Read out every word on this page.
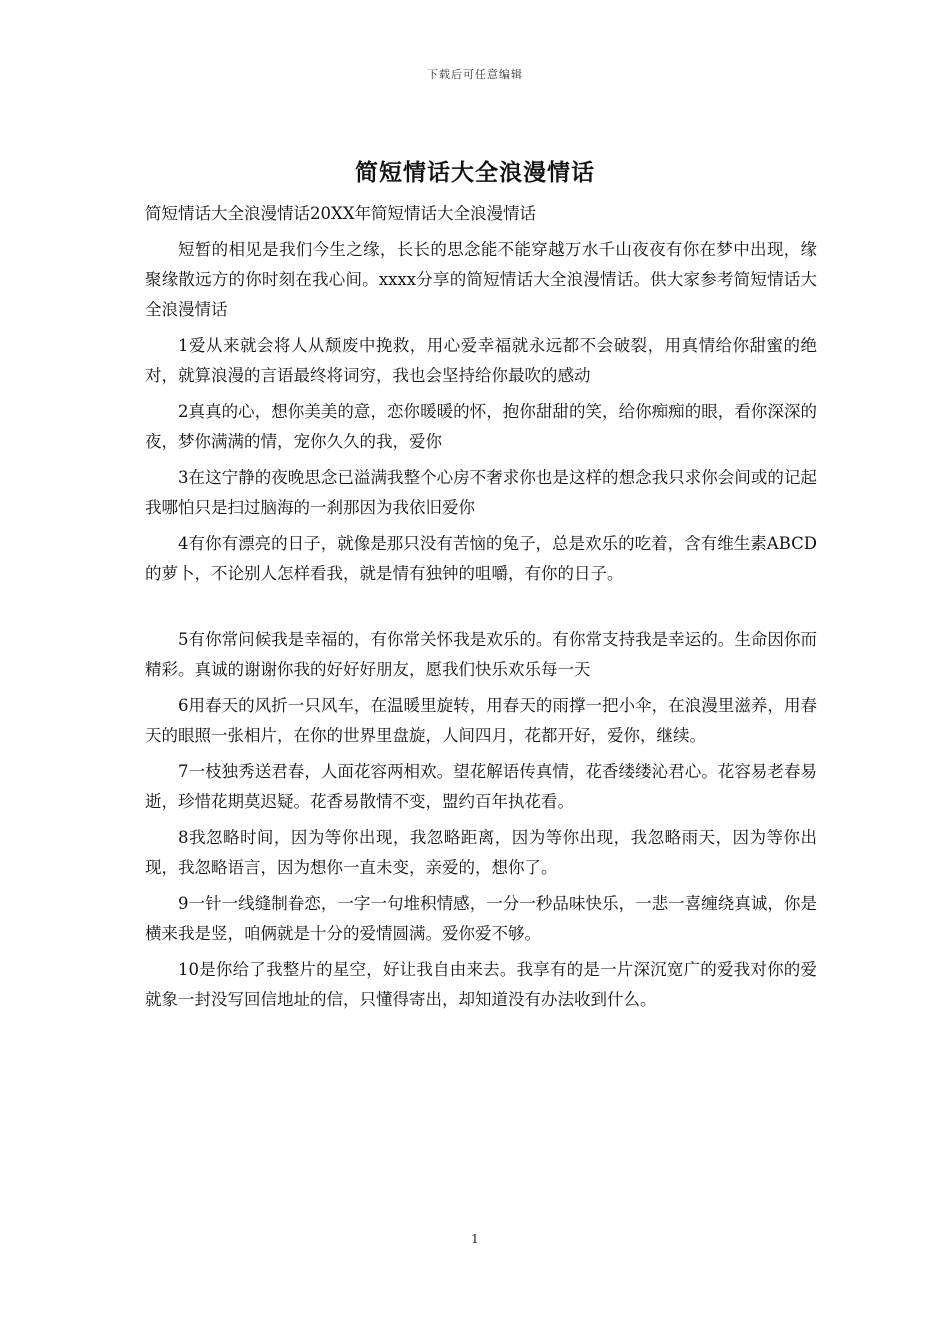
下载后可任意编辑
简短情话大全浪漫情话

简短情话大全浪漫情话20XX年简短情话大全浪漫情话

短暂的相见是我们今生之缘，长长的思念能不能穿越万水千山夜夜有你在梦中出现，缘聚缘散远方的你时刻在我心间。xxxx分享的简短情话大全浪漫情话。供大家参考简短情话大全浪漫情话

1爱从来就会将人从颓废中挽救，用心爱幸福就永远都不会破裂，用真情给你甜蜜的绝对，就算浪漫的言语最终将词穷，我也会坚持给你最吹的感动

2真真的心，想你美美的意，恋你暖暖的怀，抱你甜甜的笑，给你痴痴的眼，看你深深的夜，梦你满满的情，宠你久久的我，爱你

3在这宁静的夜晚思念已溢满我整个心房不奢求你也是这样的想念我只求你会间或的记起我哪怕只是扫过脑海的一刹那因为我依旧爱你

4有你有漂亮的日子，就像是那只没有苦恼的兔子，总是欢乐的吃着，含有维生素ABCD的萝卜，不论别人怎样看我，就是情有独钟的咀嚼，有你的日子。

5有你常问候我是幸福的，有你常关怀我是欢乐的。有你常支持我是幸运的。生命因你而精彩。真诚的谢谢你我的好好好朋友，愿我们快乐欢乐每一天

6用春天的风折一只风车，在温暖里旋转，用春天的雨撑一把小伞，在浪漫里滋养，用春天的眼照一张相片，在你的世界里盘旋，人间四月，花都开好，爱你，继续。

7一枝独秀送君春，人面花容两相欢。望花解语传真情，花香缕缕沁君心。花容易老春易逝，珍惜花期莫迟疑。花香易散情不变，盟约百年执花看。

8我忽略时间，因为等你出现，我忽略距离，因为等你出现，我忽略雨天，因为等你出现，我忽略语言，因为想你一直未变，亲爱的，想你了。

9一针一线缝制眷恋，一字一句堆积情感，一分一秒品味快乐，一悲一喜缠绕真诚，你是横来我是竖，咱俩就是十分的爱情圆满。爱你爱不够。

10是你给了我整片的星空，好让我自由来去。我享有的是一片深沉宽广的爱我对你的爱就象一封没写回信地址的信，只懂得寄出，却知道没有办法收到什么。

1
